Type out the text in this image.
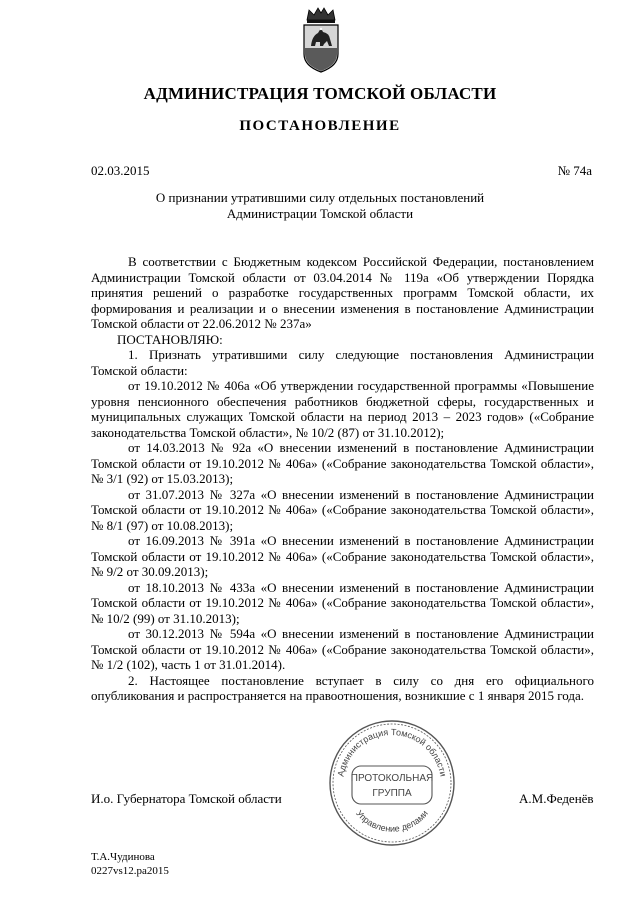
АДМИНИСТРАЦИЯ ТОМСКОЙ ОБЛАСТИ
ПОСТАНОВЛЕНИЕ
02.03.2015	№ 74а
О признании утратившими силу отдельных постановлений
Администрации Томской области

В соответствии с Бюджетным кодексом Российской Федерации, постановлением Администрации Томской области от 03.04.2014 № 119а «Об утверждении Порядка принятия решений о разработке государственных программ Томской области, их формирования и реализации и о внесении изменения в постановление Администрации Томской области от 22.06.2012 № 237а»

ПОСТАНОВЛЯЮ:

1. Признать утратившими силу следующие постановления Администрации Томской области:

от 19.10.2012 № 406а «Об утверждении государственной программы «Повышение уровня пенсионного обеспечения работников бюджетной сферы, государственных и муниципальных служащих Томской области на период 2013 – 2023 годов» («Собрание законодательства Томской области», № 10/2 (87) от 31.10.2012);

от 14.03.2013 № 92а «О внесении изменений в постановление Администрации Томской области от 19.10.2012 № 406а» («Собрание законодательства Томской области», № 3/1 (92) от 15.03.2013);

от 31.07.2013 № 327а «О внесении изменений в постановление Администрации Томской области от 19.10.2012 № 406а» («Собрание законодательства Томской области», № 8/1 (97) от 10.08.2013);

от 16.09.2013 № 391а «О внесении изменений в постановление Администрации Томской области от 19.10.2012 № 406а» («Собрание законодательства Томской области», № 9/2 от 30.09.2013);

от 18.10.2013 № 433а «О внесении изменений в постановление Администрации Томской области от 19.10.2012 № 406а» («Собрание законодательства Томской области», № 10/2 (99) от 31.10.2013);

от 30.12.2013 № 594а «О внесении изменений в постановление Администрации Томской области от 19.10.2012 № 406а» («Собрание законодательства Томской области», № 1/2 (102), часть 1 от 31.01.2014).

2. Настоящее постановление вступает в силу со дня его официального опубликования и распространяется на правоотношения, возникшие с 1 января 2015 года.

И.о. Губернатора Томской области	А.М.Феденёв
Администрация Томской области
Управление делами
ПРОТОКОЛЬНАЯ
ГРУППА
Т.А.Чудинова
0227vs12.ра2015
